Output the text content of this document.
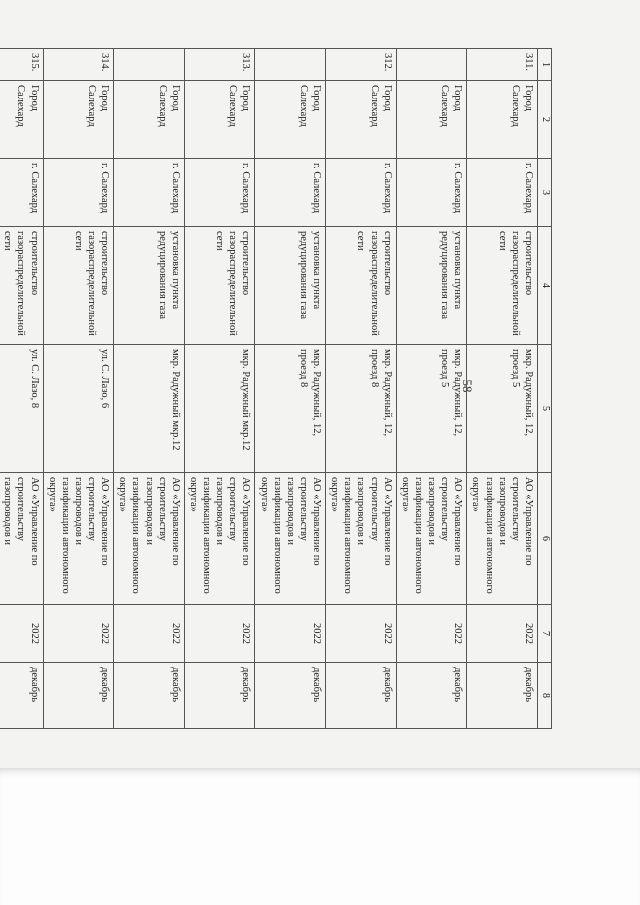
58
1	2	3	4	5	6	7	8
311.	Город Салехард	г. Салехард	строительство газораспределительной сети	мкр. Радужный, 12, проезд 5	АО «Управление по строительству газопроводов и газификации автономного округа»	2022	декабрь
	Город Салехард	г. Салехард	установка пункта редуцирования газа	мкр. Радужный, 12, проезд 5	АО «Управление по строительству газопроводов и газификации автономного округа»	2022	декабрь
312.	Город Салехард	г. Салехард	строительство газораспределительной сети	мкр. Радужный, 12, проезд 8	АО «Управление по строительству газопроводов и газификации автономного округа»	2022	декабрь
	Город Салехард	г. Салехард	установка пункта редуцирования газа	мкр. Радужный, 12, проезд 8	АО «Управление по строительству газопроводов и газификации автономного округа»	2022	декабрь
313.	Город Салехард	г. Салехард	строительство газораспределительной сети	мкр. Радужный мкр.12	АО «Управление по строительству газопроводов и газификации автономного округа»	2022	декабрь
	Город Салехард	г. Салехард	установка пункта редуцирования газа	мкр. Радужный мкр.12	АО «Управление по строительству газопроводов и газификации автономного округа»	2022	декабрь
314.	Город Салехард	г. Салехард	строительство газораспределительной сети	ул. С. Лазо, 6	АО «Управление по строительству газопроводов и газификации автономного округа»	2022	декабрь
315.	Город Салехард	г. Салехард	строительство газораспределительной сети	ул. С. Лазо, 8	АО «Управление по строительству газопроводов и	2022	декабрь
